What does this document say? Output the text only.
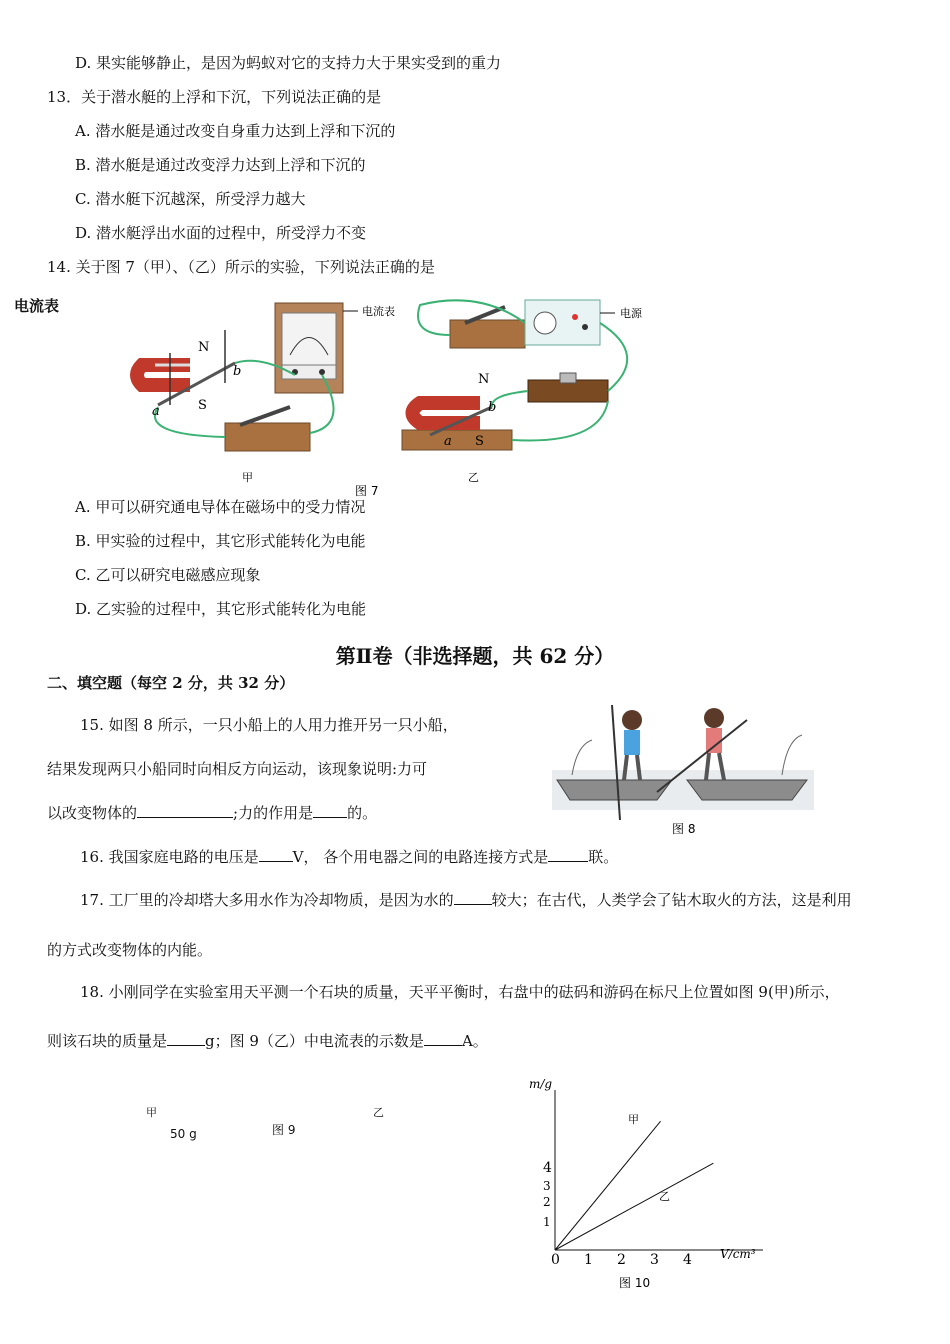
D. 果实能够静止，是因为蚂蚁对它的支持力大于果实受到的重力
13．关于潜水艇的上浮和下沉，下列说法正确的是
A. 潜水艇是通过改变自身重力达到上浮和下沉的
B. 潜水艇是通过改变浮力达到上浮和下沉的
C. 潜水艇下沉越深，所受浮力越大
D. 潜水艇浮出水面的过程中，所受浮力不变
14. 关于图 7（甲）、（乙）所示的实验，下列说法正确的是
电流表
N
S
a
b
电流表	电源
N
S
a
b
甲	乙
图 7
A. 甲可以研究通电导体在磁场中的受力情况
B. 甲实验的过程中，其它形式能转化为电能
C. 乙可以研究电磁感应现象
D. 乙实验的过程中，其它形式能转化为电能
第Ⅱ卷（非选择题，共 62 分）
二、填空题（每空 2 分，共 32 分）
15. 如图 8 所示，一只小船上的人用力推开另一只小船，
结果发现两只小船同时向相反方向运动，该现象说明:力可
以改变物体的	;力的作用是 的。
图 8
16. 我国家庭电路的电压是 V， 各个用电器之间的电路连接方式是	联。
17. 工厂里的冷却塔大多用水作为冷却物质，是因为水的	较大；在古代，人类学会了钻木取火的方法，这是利用
的方式改变物体的内能。
18. 小刚同学在实验室用天平测一个石块的质量，天平平衡时，右盘中的砝码和游码在标尺上位置如图 9(甲)所示，
则该石块的质量是	g；图 9（乙）中电流表的示数是	A。
甲
50 g	图 9
乙
m/g
V/cm³
0 1 2 3 4
1
2
3
4
甲
乙
图 10
